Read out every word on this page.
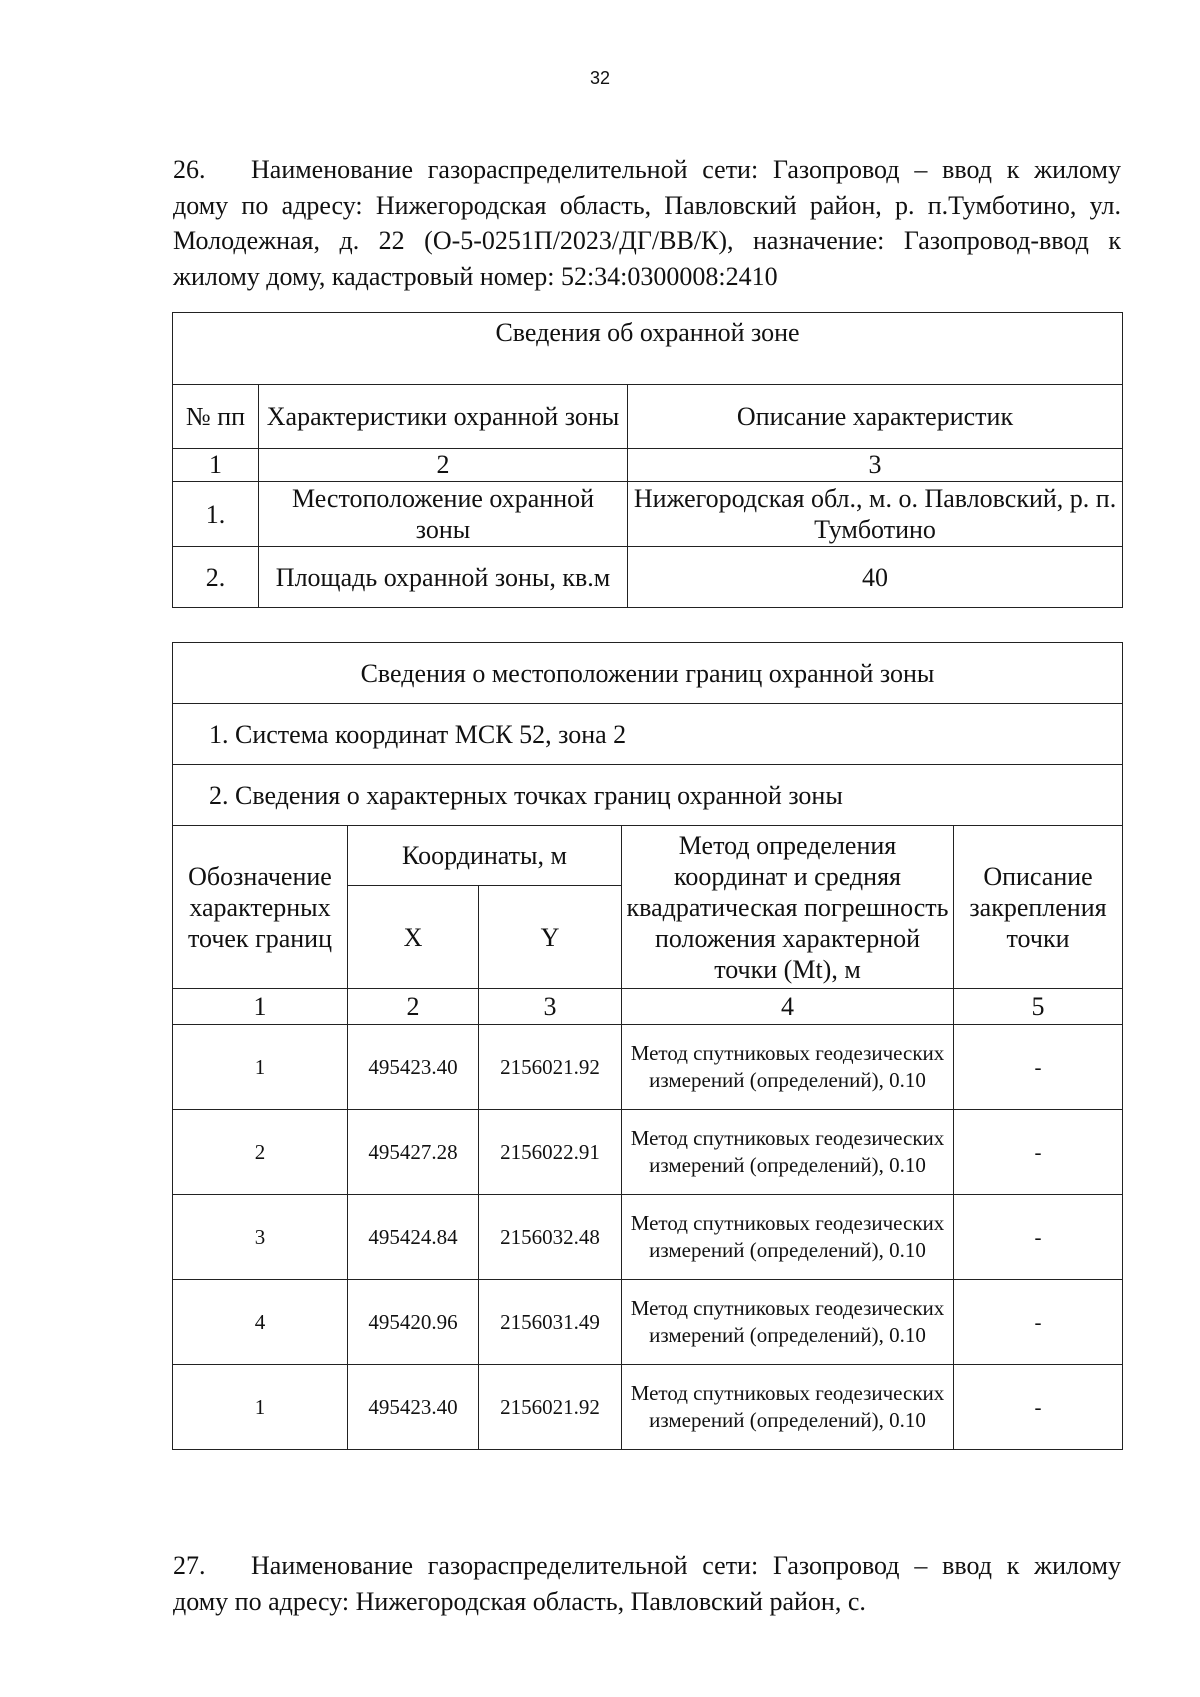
32

26. Наименование газораспределительной сети: Газопровод – ввод к жилому дому по адресу: Нижегородская область, Павловский район, р. п.Тумботино, ул. Молодежная, д. 22 (О-5-0251П/2023/ДГ/ВВ/К), назначение: Газопровод-ввод к жилому дому, кадастровый номер: 52:34:0300008:2410

Сведения об охранной зоне		
№ пп	Характеристики охранной зоны	Описание характеристик
1	2	3
1.	Местоположение охранной зоны	Нижегородская обл., м. о. Павловский, р. п. Тумботино
2.	Площадь охранной зоны, кв.м	40
Сведения о местоположении границ охранной зоны				
1. Система координат МСК 52, зона 2				
2. Сведения о характерных точках границ охранной зоны				
Обозначение характерных точек границ	Координаты, м		Метод определения координат и средняя квадратическая погрешность положения характерной точки (Mt), м	Описание закрепления точки
	X	Y		
1	2	3	4	5
1	495423.40	2156021.92	Метод спутниковых геодезических измерений (определений), 0.10	-
2	495427.28	2156022.91	Метод спутниковых геодезических измерений (определений), 0.10	-
3	495424.84	2156032.48	Метод спутниковых геодезических измерений (определений), 0.10	-
4	495420.96	2156031.49	Метод спутниковых геодезических измерений (определений), 0.10	-
1	495423.40	2156021.92	Метод спутниковых геодезических измерений (определений), 0.10	-

27. Наименование газораспределительной сети: Газопровод – ввод к жилому дому по адресу: Нижегородская область, Павловский район, с.
